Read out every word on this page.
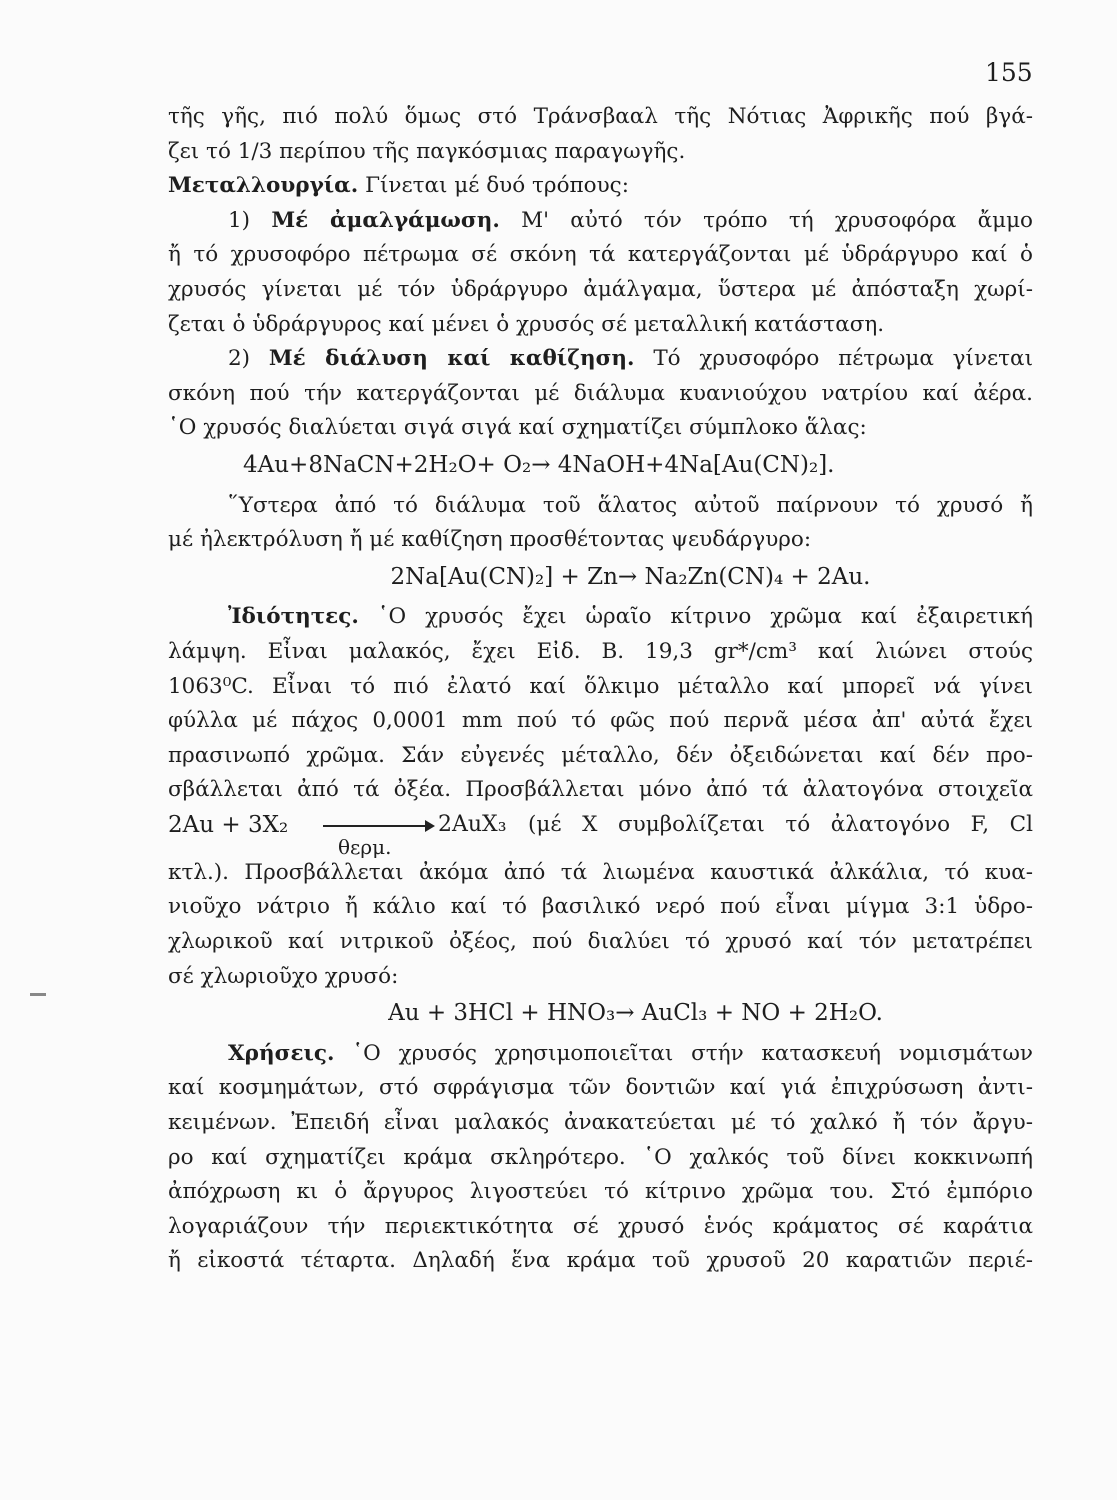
155
τῆς γῆς, πιό πολύ ὅμως στό Τράνσβααλ τῆς Νότιας Ἀφρικῆς πού βγά-
ζει τό 1/3 περίπου τῆς παγκόσμιας παραγωγῆς.
Μεταλλουργία. Γίνεται μέ δυό τρόπους:
1) Μέ ἀμαλγάμωση. Μ' αὐτό τόν τρόπο τή χρυσοφόρα ἄμμο
ἤ τό χρυσοφόρο πέτρωμα σέ σκόνη τά κατεργάζονται μέ ὑδράργυρο καί ὁ
χρυσός γίνεται μέ τόν ὑδράργυρο ἀμάλγαμα, ὕστερα μέ ἀπόσταξη χωρί-
ζεται ὁ ὑδράργυρος καί μένει ὁ χρυσός σέ μεταλλική κατάσταση.
2) Μέ διάλυση καί καθίζηση. Τό χρυσοφόρο πέτρωμα γίνεται
σκόνη πού τήν κατεργάζονται μέ διάλυμα κυανιούχου νατρίου καί ἀέρα.
῾Ο χρυσός διαλύεται σιγά σιγά καί σχηματίζει σύμπλοκο ἅλας:
4Au+8NaCN+2H₂O+ O₂→ 4NaOH+4Na[Au(CN)₂].
῞Υστερα ἀπό τό διάλυμα τοῦ ἅλατος αὐτοῦ παίρνουν τό χρυσό ἤ
μέ ἠλεκτρόλυση ἤ μέ καθίζηση προσθέτοντας ψευδάργυρο:
2Na[Au(CN)₂] + Zn→ Na₂Zn(CN)₄ + 2Au.
Ἰδιότητες. ῾Ο χρυσός ἔχει ὡραῖο κίτρινο χρῶμα καί ἐξαιρετική
λάμψη. Εἶναι μαλακός, ἔχει Εἰδ. Β. 19,3 gr*/cm³ καί λιώνει στούς
1063⁰C. Εἶναι τό πιό ἐλατό καί ὅλκιμο μέταλλο καί μπορεῖ νά γίνει
φύλλα μέ πάχος 0,0001 mm πού τό φῶς πού περνᾶ μέσα ἀπ' αὐτά ἔχει
πρασινωπό χρῶμα. Σάν εὐγενές μέταλλο, δέν ὀξειδώνεται καί δέν προ-
σβάλλεται ἀπό τά ὀξέα. Προσβάλλεται μόνο ἀπό τά ἀλατογόνα στοιχεῖα
2Au + 3X₂
θερμ.
2AuX₃ (μέ X συμβολίζεται τό ἀλατογόνο F, Cl
κτλ.). Προσβάλλεται ἀκόμα ἀπό τά λιωμένα καυστικά ἀλκάλια, τό κυα-
νιοῦχο νάτριο ἤ κάλιο καί τό βασιλικό νερό πού εἶναι μίγμα 3:1 ὑδρο-
χλωρικοῦ καί νιτρικοῦ ὀξέος, πού διαλύει τό χρυσό καί τόν μετατρέπει
σέ χλωριοῦχο χρυσό:
Au + 3HCl + HNO₃→ AuCl₃ + NO + 2H₂O.
Χρήσεις. ῾Ο χρυσός χρησιμοποιεῖται στήν κατασκευή νομισμάτων
καί κοσμημάτων, στό σφράγισμα τῶν δοντιῶν καί γιά ἐπιχρύσωση ἀντι-
κειμένων. Ἐπειδή εἶναι μαλακός ἀνακατεύεται μέ τό χαλκό ἤ τόν ἄργυ-
ρο καί σχηματίζει κράμα σκληρότερο. ῾Ο χαλκός τοῦ δίνει κοκκινωπή
ἀπόχρωση κι ὁ ἄργυρος λιγοστεύει τό κίτρινο χρῶμα του. Στό ἐμπόριο
λογαριάζουν τήν περιεκτικότητα σέ χρυσό ἑνός κράματος σέ καράτια
ἤ εἰκοστά τέταρτα. Δηλαδή ἕνα κράμα τοῦ χρυσοῦ 20 καρατιῶν περιέ-
